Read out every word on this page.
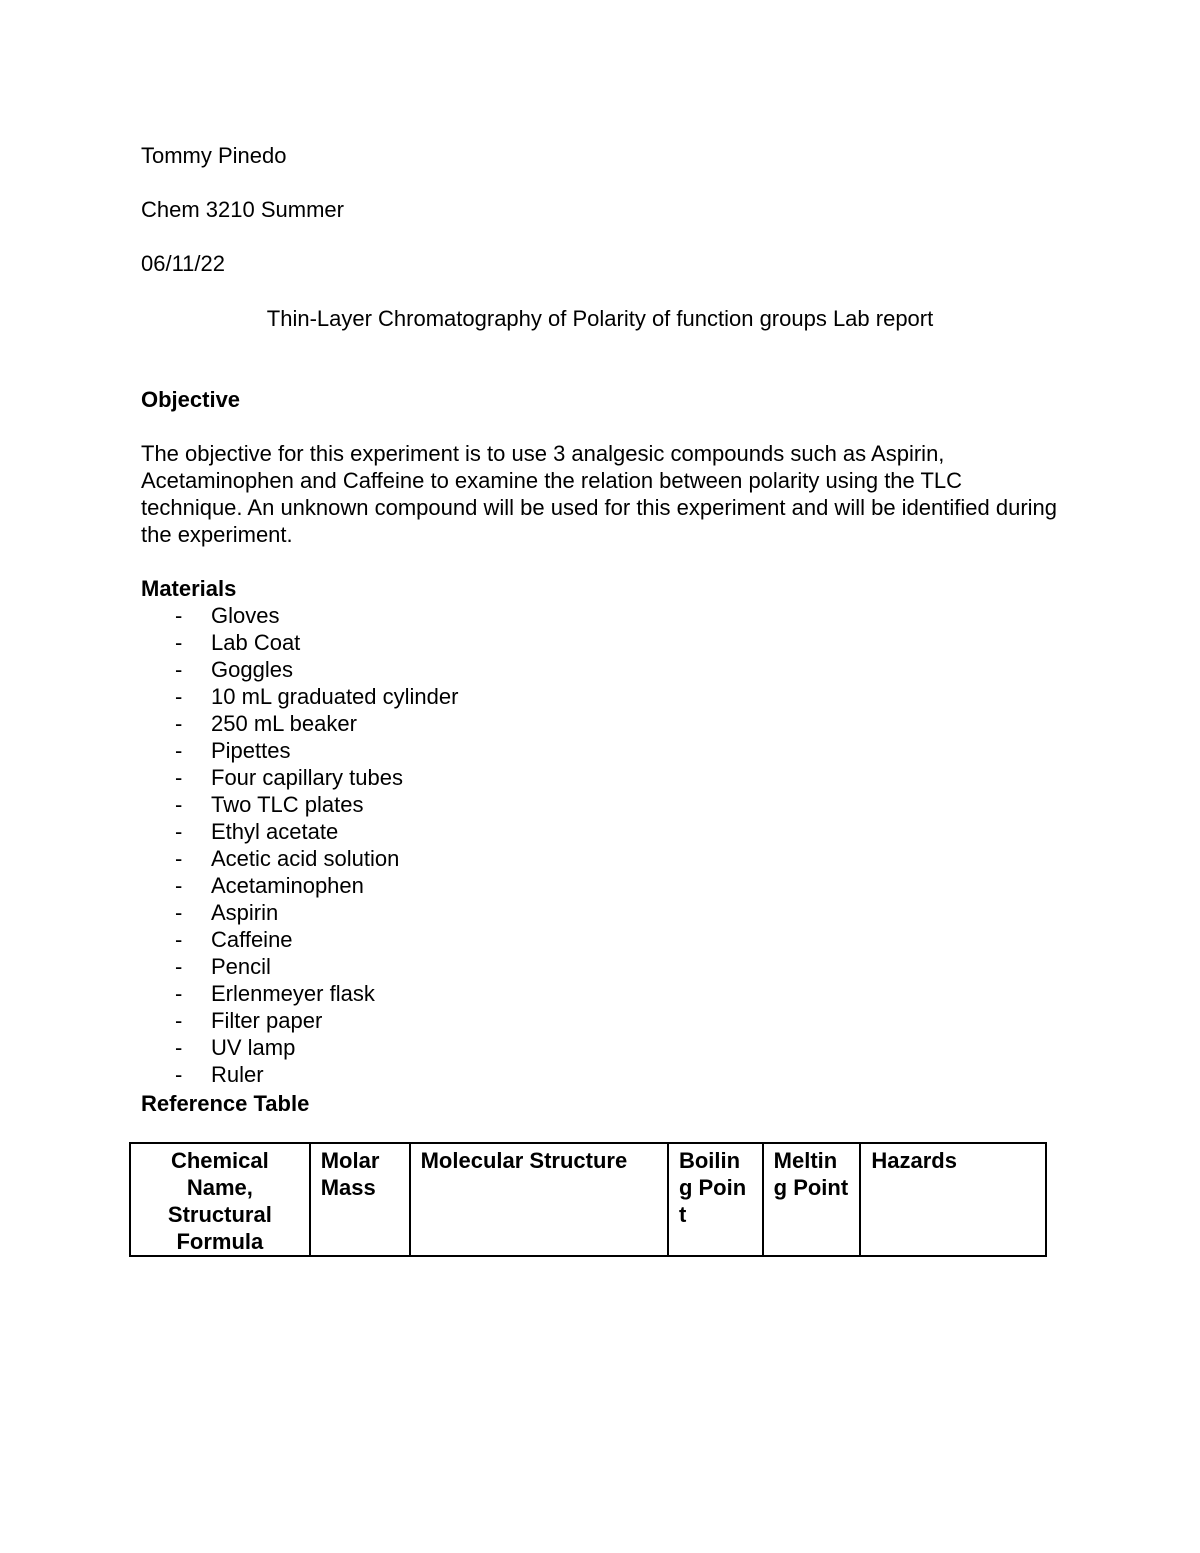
Tommy Pinedo
Chem 3210 Summer
06/11/22
Thin-Layer Chromatography of Polarity of function groups Lab report
Objective
The objective for this experiment is to use 3 analgesic compounds such as Aspirin, Acetaminophen and Caffeine to examine the relation between polarity using the TLC technique. An unknown compound will be used for this experiment and will be identified during the experiment.
Materials
- Gloves
- Lab Coat
- Goggles
- 10 mL graduated cylinder
- 250 mL beaker
- Pipettes
- Four capillary tubes
- Two TLC plates
- Ethyl acetate
- Acetic acid solution
- Acetaminophen
- Aspirin
- Caffeine
- Pencil
- Erlenmeyer flask
- Filter paper
- UV lamp
- Ruler
Reference Table
Chemical Name, Structural Formula	Molar Mass	Molecular Structure	Boiling Point	Melting Point	Hazards
